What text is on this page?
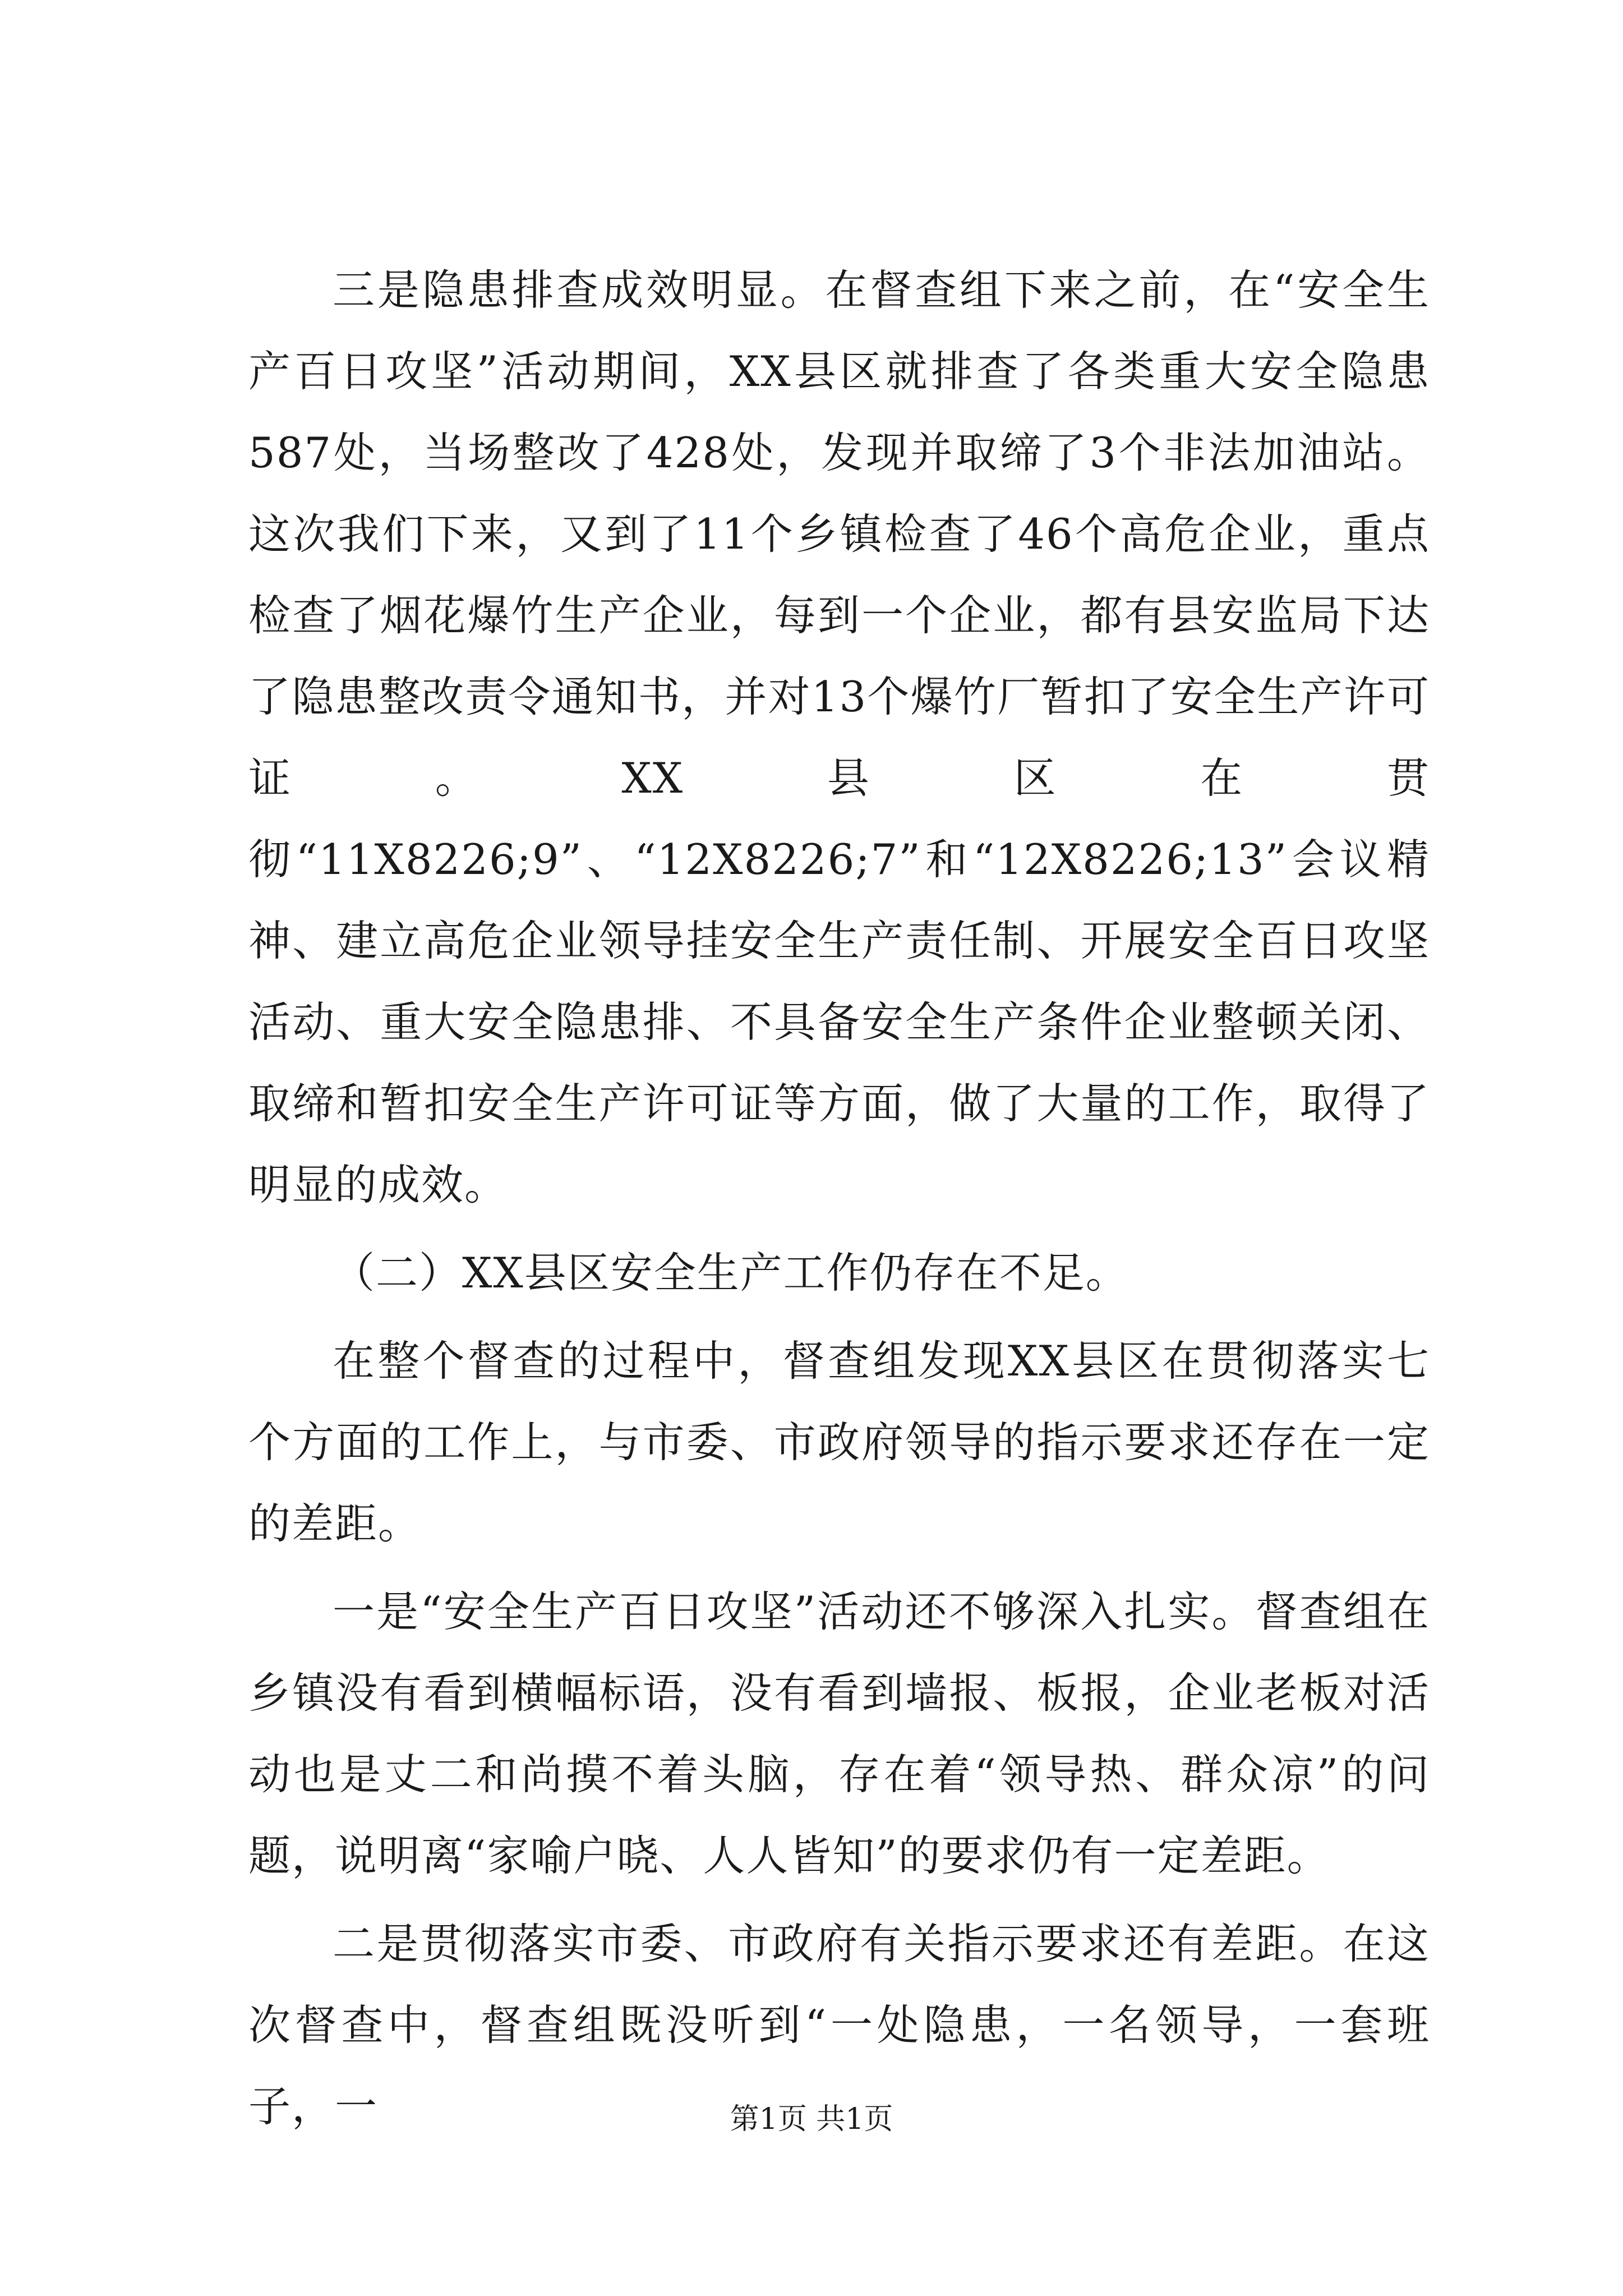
三是隐患排查成效明显。在督查组下来之前，在“安全生产百日攻坚”活动期间，XX县区就排查了各类重大安全隐患587处，当场整改了428处，发现并取缔了3个非法加油站。这次我们下来，又到了11个乡镇检查了46个高危企业，重点检查了烟花爆竹生产企业，每到一个企业，都有县安监局下达了隐患整改责令通知书，并对13个爆竹厂暂扣了安全生产许可证。XX县区在贯彻“11X8226;9”、“12X8226;7”和“12X8226;13”会议精神、建立高危企业领导挂安全生产责任制、开展安全百日攻坚活动、重大安全隐患排、不具备安全生产条件企业整顿关闭、取缔和暂扣安全生产许可证等方面，做了大量的工作，取得了明显的成效。

（二）XX县区安全生产工作仍存在不足。

在整个督查的过程中，督查组发现XX县区在贯彻落实七个方面的工作上，与市委、市政府领导的指示要求还存在一定的差距。

一是“安全生产百日攻坚”活动还不够深入扎实。督查组在乡镇没有看到横幅标语，没有看到墙报、板报，企业老板对活动也是丈二和尚摸不着头脑，存在着“领导热、群众凉”的问题，说明离“家喻户晓、人人皆知”的要求仍有一定差距。

二是贯彻落实市委、市政府有关指示要求还有差距。在这次督查中，督查组既没听到“一处隐患，一名领导，一套班子，一	第1页 共1页
